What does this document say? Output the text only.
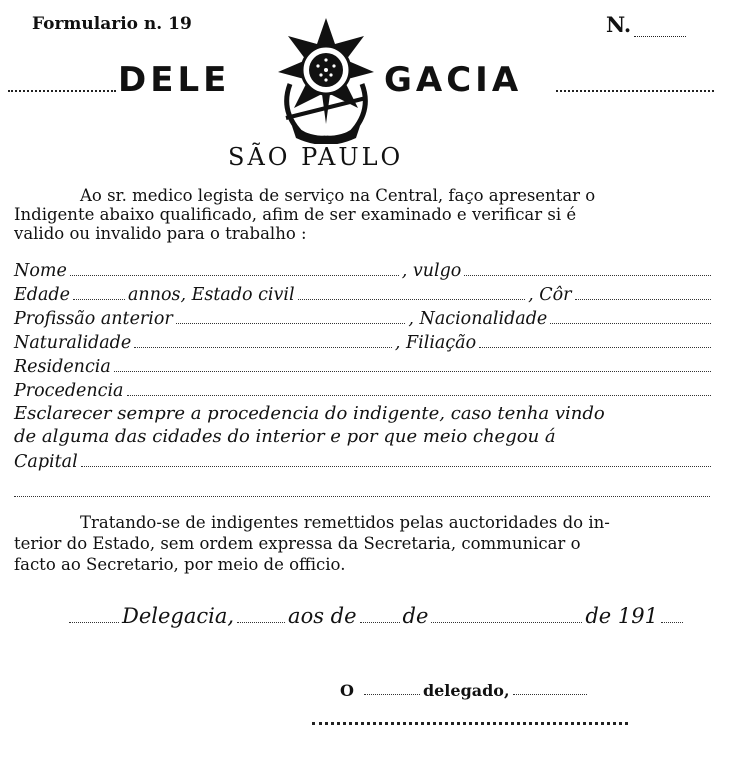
Formulario n. 19	N.
DELE	GACIA
SÃO PAULO

Ao sr. medico legista de serviço na Central, faço apresentar o

Indigente abaixo qualificado, afim de ser examinado e verificar si é

valido ou invalido para o trabalho :

Nome	, vulgo
Edade	annos, Estado civil	, Côr
Profissão anterior	, Nacionalidade
Naturalidade	, Filiação
Residencia
Procedencia

Esclarecer sempre a procedencia do indigente, caso tenha vindo

de alguma das cidades do interior e por que meio chegou á

Capital

Tratando-se de indigentes remettidos pelas auctoridades do in-

terior do Estado, sem ordem expressa da Secretaria, communicar o

facto ao Secretario, por meio de officio.

Delegacia,	aos de de	de 191
O	delegado,
